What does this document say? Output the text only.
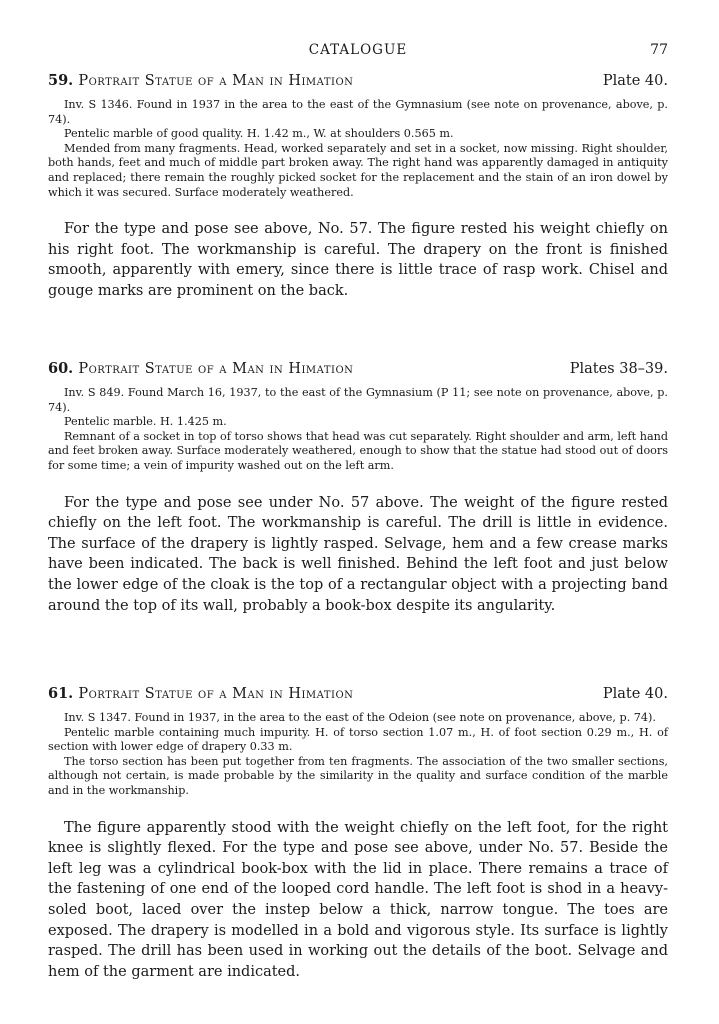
CATALOGUE	77
59. Portrait Statue of a Man in Himation	Plate 40.

Inv. S 1346. Found in 1937 in the area to the east of the Gymnasium (see note on provenance, above, p. 74).

Pentelic marble of good quality. H. 1.42 m., W. at shoulders 0.565 m.

Mended from many fragments. Head, worked separately and set in a socket, now missing. Right shoulder, both hands, feet and much of middle part broken away. The right hand was apparently damaged in antiquity and replaced; there remain the roughly picked socket for the replacement and the stain of an iron dowel by which it was secured. Surface moderately weathered.

For the type and pose see above, No. 57. The figure rested his weight chiefly on his right foot. The workmanship is careful. The drapery on the front is finished smooth, apparently with emery, since there is little trace of rasp work. Chisel and gouge marks are prominent on the back.

60. Portrait Statue of a Man in Himation	Plates 38–39.

Inv. S 849. Found March 16, 1937, to the east of the Gymnasium (P 11; see note on provenance, above, p. 74).

Pentelic marble. H. 1.425 m.

Remnant of a socket in top of torso shows that head was cut separately. Right shoulder and arm, left hand and feet broken away. Surface moderately weathered, enough to show that the statue had stood out of doors for some time; a vein of impurity washed out on the left arm.

For the type and pose see under No. 57 above. The weight of the figure rested chiefly on the left foot. The workmanship is careful. The drill is little in evidence. The surface of the drapery is lightly rasped. Selvage, hem and a few crease marks have been indicated. The back is well finished. Behind the left foot and just below the lower edge of the cloak is the top of a rectangular object with a projecting band around the top of its wall, probably a book-box despite its angularity.

61. Portrait Statue of a Man in Himation	Plate 40.

Inv. S 1347. Found in 1937, in the area to the east of the Odeion (see note on provenance, above, p. 74).

Pentelic marble containing much impurity. H. of torso section 1.07 m., H. of foot section 0.29 m., H. of section with lower edge of drapery 0.33 m.

The torso section has been put together from ten fragments. The association of the two smaller sections, although not certain, is made probable by the similarity in the quality and surface condition of the marble and in the workmanship.

The figure apparently stood with the weight chiefly on the left foot, for the right knee is slightly flexed. For the type and pose see above, under No. 57. Beside the left leg was a cylindrical book-box with the lid in place. There remains a trace of the fastening of one end of the looped cord handle. The left foot is shod in a heavy-soled boot, laced over the instep below a thick, narrow tongue. The toes are exposed. The drapery is modelled in a bold and vigorous style. Its surface is lightly rasped. The drill has been used in working out the details of the boot. Selvage and hem of the garment are indicated.
